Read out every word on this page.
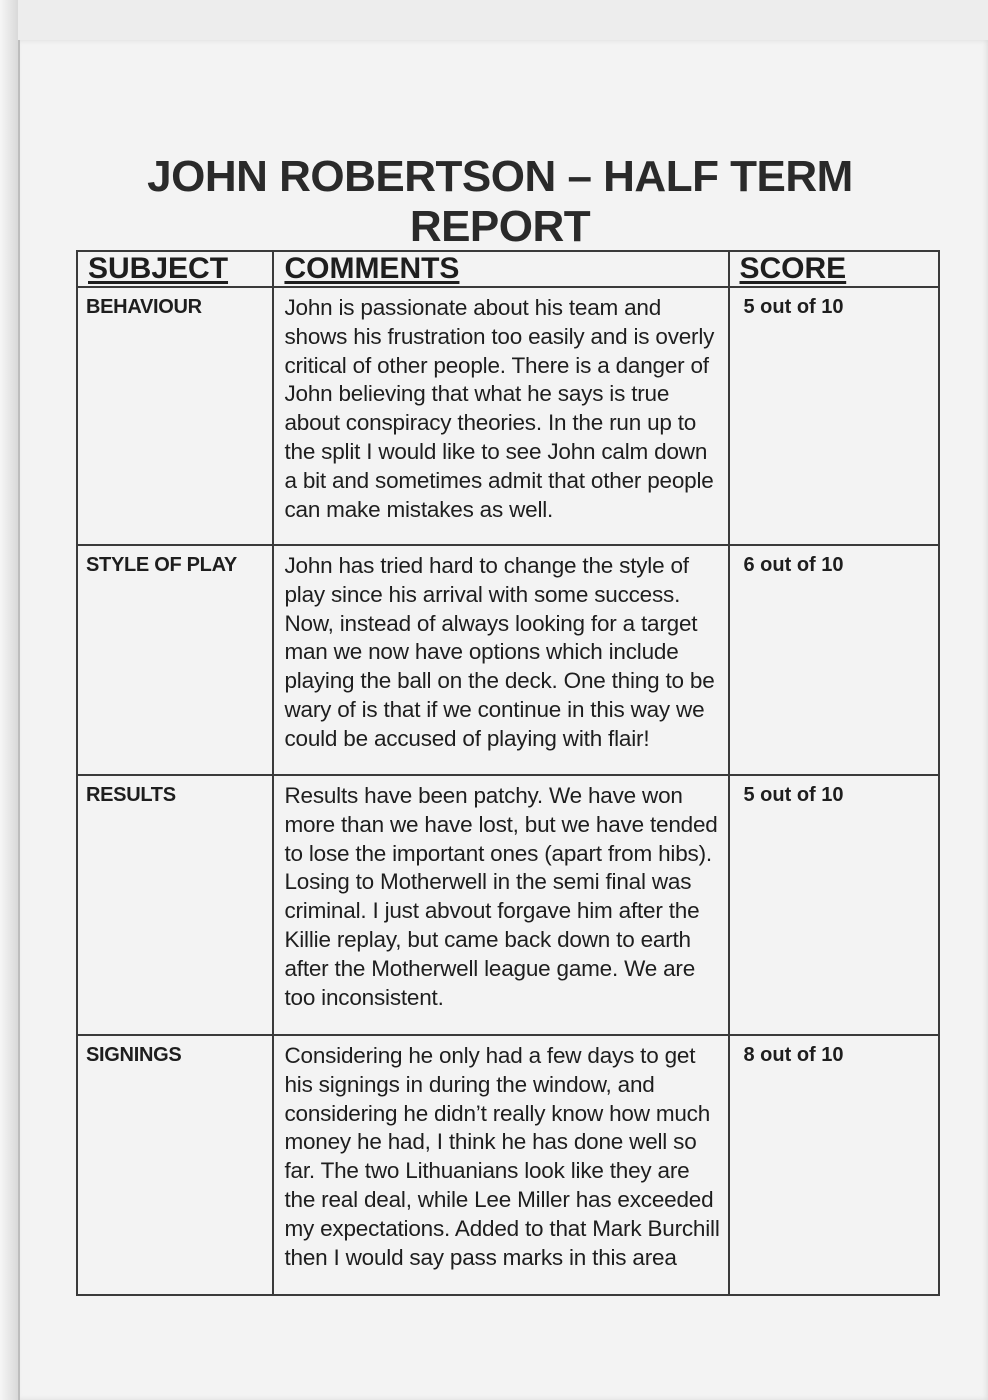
JOHN ROBERTSON – HALF TERM
REPORT
SUBJECT	COMMENTS	SCORE
BEHAVIOUR	John is passionate about his team and shows his frustration too easily and is overly critical of other people. There is a danger of John believing that what he says is true about conspiracy theories. In the run up to the split I would like to see John calm down a bit and sometimes admit that other people can make mistakes as well.	5 out of 10
STYLE OF PLAY	John has tried hard to change the style of play since his arrival with some success. Now, instead of always looking for a target man we now have options which include playing the ball on the deck. One thing to be wary of is that if we continue in this way we could be accused of playing with flair!	6 out of 10
RESULTS	Results have been patchy. We have won more than we have lost, but we have tended to lose the important ones (apart from hibs). Losing to Motherwell in the semi final was criminal. I just abvout forgave him after the Killie replay, but came back down to earth after the Motherwell league game. We are too inconsistent.	5 out of 10
SIGNINGS	Considering he only had a few days to get his signings in during the window, and considering he didn’t really know how much money he had, I think he has done well so far. The two Lithuanians look like they are the real deal, while Lee Miller has exceeded my expectations. Added to that Mark Burchill then I would say pass marks in this area	8 out of 10
